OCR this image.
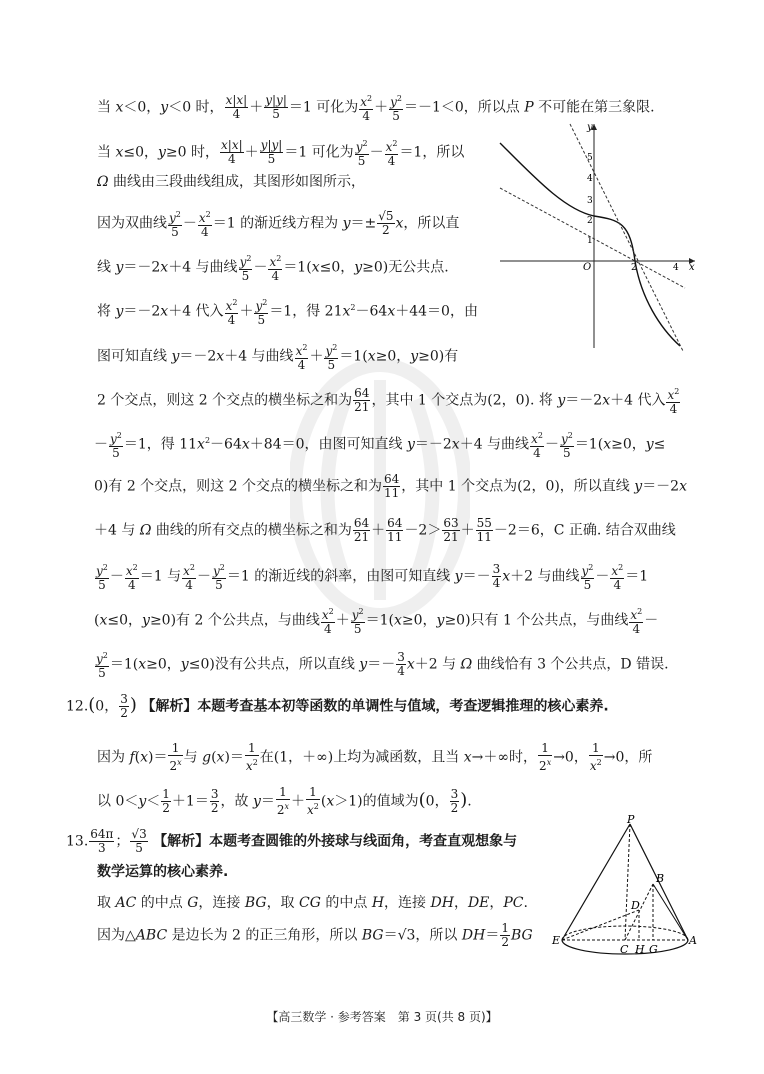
当 x＜0，y＜0 时， $\frac{x|x|}{4} + \frac{y|y|}{5} =1$ 可化为 $\frac{x^2}{4} + \frac{y^2}{5} =-1<0$，所以点 P 不可能在第三象限.
当 x≤0，y≥0 时， $\frac{x|x|}{4} + \frac{y|y|}{5} =1$ 可化为 $\frac{y^2}{5} - \frac{x^2}{4} =1$，所以
Ω 曲线由三段曲线组成，其图形如图所示，
因为双曲线 $\frac{y^2}{5} - \frac{x^2}{4} =1$ 的渐近线方程为 $y=\pm \frac{√5}{2}$ x，所以直
线 y＝－2x＋4 与曲线 $\frac{y^2}{5} - \frac{x^2}{4} =1(x\le 0$，y≥0)无公共点.
将 y＝－2x＋4 代入 $\frac{x^2}{4} + \frac{y^2}{5} =1$，得 $21x^2-64x+44=0$，由
图可知直线 y＝－2x＋4 与曲线 $\frac{x^2}{4} + \frac{y^2}{5} =1(x\ge 0$，y≥0)有
2 个交点，则这 2 个交点的横坐标之和为 $\frac{64}{21}$ ，其中 1 个交点为(2，0). 将 y＝－2x＋4 代入 $\frac{x^2}{4}$
－ $\frac{y^2}{5} =1$，得 $11x^2-64x+84=0$，由图可知直线 y＝－2x＋4 与曲线 $\frac{x^2}{4} - \frac{y^2}{5} =1(x\ge 0$，y≤
0)有 2 个交点，则这 2 个交点的横坐标之和为 $\frac{64}{11}$ ，其中 1 个交点为(2，0)，所以直线 y＝－2x
＋4 与 Ω 曲线的所有交点的横坐标之和为 $\frac{64}{21} + \frac{64}{11} -2> \frac{63}{21} + \frac{55}{11} -2=6$，C 正确. 结合双曲线
$\frac{y^2}{5} - \frac{x^2}{4} =1$ 与 $\frac{x^2}{4} - \frac{y^2}{5} =1$ 的渐近线的斜率，由图可知直线 $y=- \frac{3}{4} x+2$ 与曲线 $\frac{y^2}{5} - \frac{x^2}{4} =1$
(x≤0，y≥0)有 2 个公共点，与曲线 $\frac{x^2}{4} + \frac{y^2}{5} =1(x\ge 0$，y≥0)只有 1 个公共点，与曲线 $\frac{x^2}{4}$ －
$\frac{y^2}{5} =1(x\ge 0$，y≤0)没有公共点，所以直线 $y=- \frac{3}{4} x+2$ 与 Ω 曲线恰有 3 个公共点，D 错误.
12.(0， $\frac{3}{2}$ ) 【解析】本题考查基本初等函数的单调性与值域，考查逻辑推理的核心素养.
因为 $f(x)= \frac{1}{2^x}$ 与 $g(x)= \frac{1}{x^2}$ 在(1，＋∞)上均为减函数，且当 x→＋∞时， $\frac{1}{2^x} \to 0$， $\frac{1}{x^2} \to 0$，所
以 $0<y< \frac{1}{2} +1= \frac{3}{2}$ ，故 $y= \frac{1}{2^x} + \frac{1}{x^2} (x>1)$的值域为(0， $\frac{3}{2}$ ).
13. $\frac{64\pi}{3}$ ； $\frac{√3}{5}$ 【解析】本题考查圆锥的外接球与线面角，考查直观想象与
数学运算的核心素养.
取 AC 的中点 G，连接 BG，取 CG 的中点 H，连接 DH，DE，PC.
因为△ABC 是边长为 2 的正三角形，所以 BG＝√3，所以 $DH= \frac{1}{2}$ BG
x
y
O	2	4
1
2
3
4
5
P
B
D
E
C H G
A
【高三数学 · 参考答案　第 3 页(共 8 页)】
